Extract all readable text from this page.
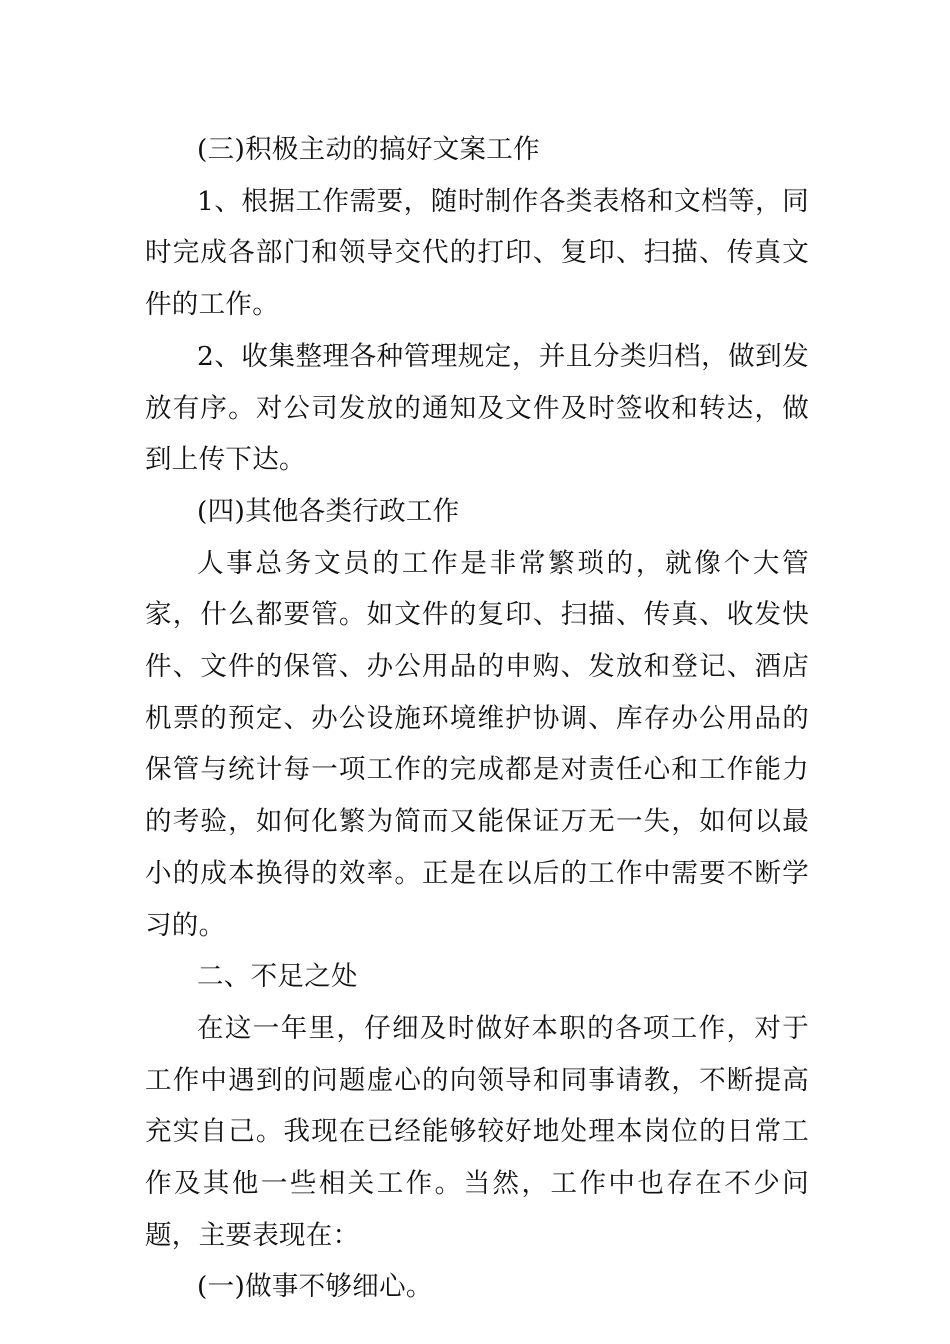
(三)积极主动的搞好文案工作

1、根据工作需要，随时制作各类表格和文档等，同时完成各部门和领导交代的打印、复印、扫描、传真文件的工作。

2、收集整理各种管理规定，并且分类归档，做到发放有序。对公司发放的通知及文件及时签收和转达，做到上传下达。

(四)其他各类行政工作

人事总务文员的工作是非常繁琐的，就像个大管家，什么都要管。如文件的复印、扫描、传真、收发快件、文件的保管、办公用品的申购、发放和登记、酒店机票的预定、办公设施环境维护协调、库存办公用品的保管与统计每一项工作的完成都是对责任心和工作能力的考验，如何化繁为简而又能保证万无一失，如何以最小的成本换得的效率。正是在以后的工作中需要不断学习的。

二、不足之处

在这一年里，仔细及时做好本职的各项工作，对于工作中遇到的问题虚心的向领导和同事请教，不断提高充实自己。我现在已经能够较好地处理本岗位的日常工作及其他一些相关工作。当然，工作中也存在不少问题，主要表现在：

(一)做事不够细心。
